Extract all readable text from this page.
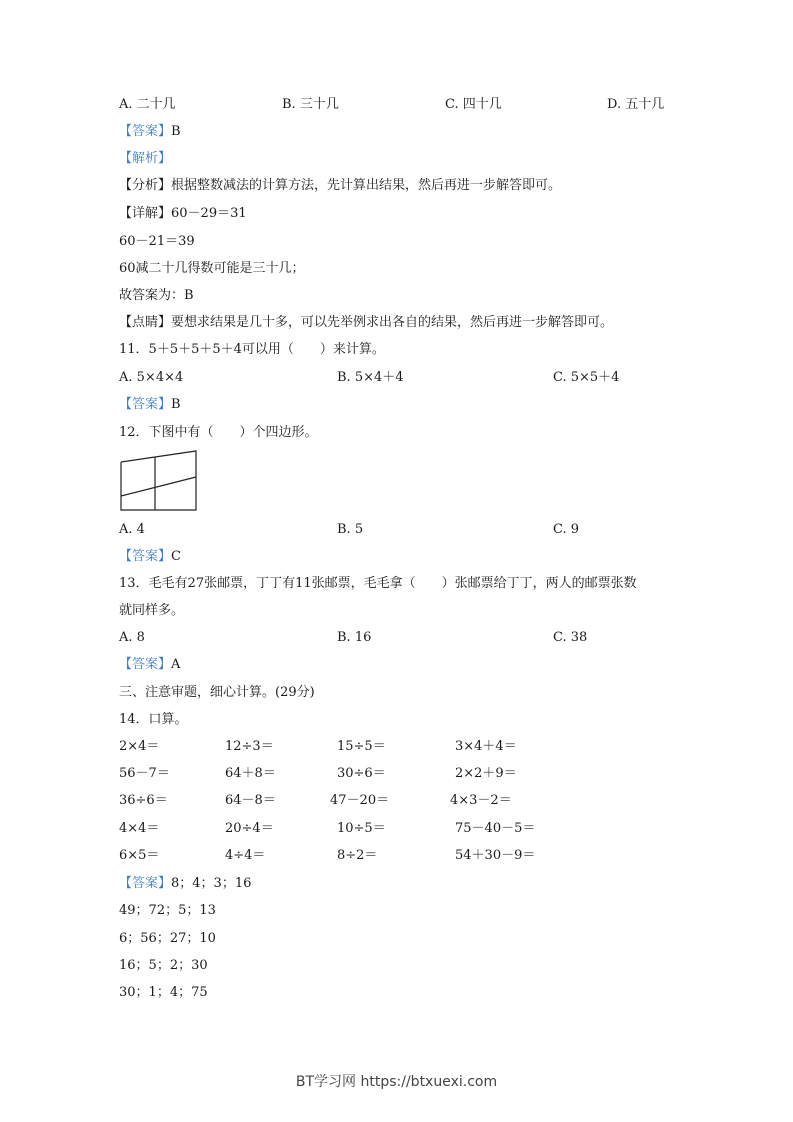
A. 二十几	B. 三十几	C. 四十几	D. 五十几
【答案】B
【解析】
【分析】根据整数减法的计算方法，先计算出结果，然后再进一步解答即可。
【详解】60－29＝31
60－21＝39
60减二十几得数可能是三十几；
故答案为：B
【点睛】要想求结果是几十多，可以先举例求出各自的结果，然后再进一步解答即可。
11．5＋5＋5＋5＋4可以用（　　）来计算。
A. 5×4×4	B. 5×4＋4	C. 5×5＋4
【答案】B
12．下图中有（　　）个四边形。
A. 4	B. 5	C. 9
【答案】C
13．毛毛有27张邮票，丁丁有11张邮票，毛毛拿（　　）张邮票给丁丁，两人的邮票张数
就同样多。
A. 8	B. 16	C. 38
【答案】A
三、注意审题，细心计算。(29分)
14．口算。
2×4＝	12÷3＝	15÷5＝	3×4＋4＝
56－7＝	64＋8＝	30÷6＝	2×2＋9＝
36÷6＝	64－8＝	47－20＝	4×3－2＝
4×4＝	20÷4＝	10÷5＝	75－40－5＝
6×5＝	4÷4＝	8÷2＝	54＋30－9＝
【答案】8；4；3；16
49；72；5；13
6；56；27；10
16；5；2；30
30；1；4；75
BT学习网 https://btxuexi.com
